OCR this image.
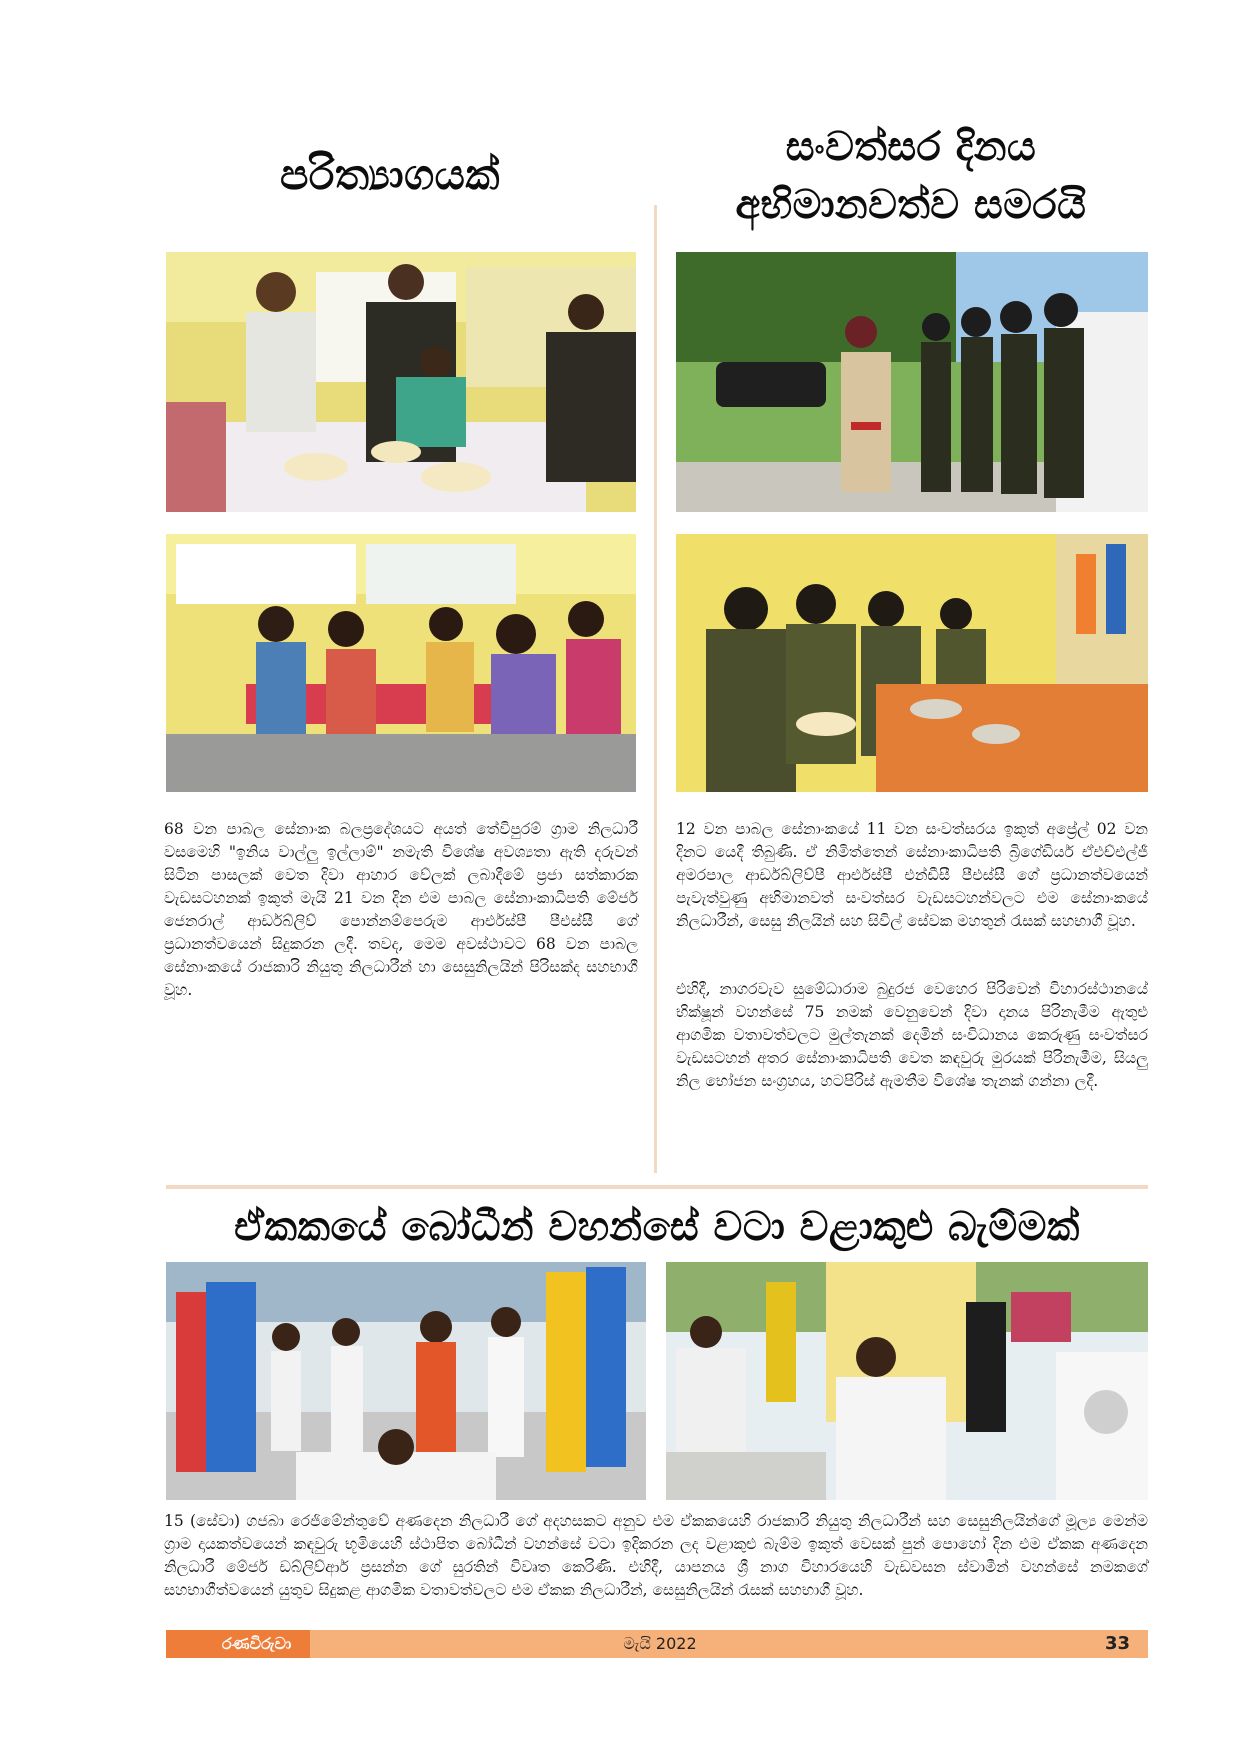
පරිත්‍යාගයක්
68 වන පාබල සේනාංක බලප්‍රදේශයට අයත් තේවිපුරම් ග්‍රාම නිලධාරී වසමෙහි "ඉනිය වාල්ලු ඉල්ලාම්" නමැති විශේෂ අවශ්‍යතා ඇති දරුවන් සිටින පාසලක් වෙත දිවා ආහාර වේලක් ලබාදීමේ ප්‍රජා සත්කාරක වැඩසටහනක් ඉකුත් මැයි 21 වන දින එම පාබල සේනාංකාධිපති මේජර් ජෙනරාල් ආර්ඩබ්ලිව් පොන්නම්පෙරුම ආර්එස්පී පීඑස්සී ගේ ප්‍රධානත්වයෙන් සිදුකරන ලදී. තවද, මෙම අවස්ථාවට 68 වන පාබල සේනාංකයේ රාජකාරි නියුතු නිලධාරීන් හා සෙසුනිලයින් පිරිසක්ද සහභාගී වූහ.
සංවත්සර දිනය
අභිමානවත්ව සමරයි
12 වන පාබල සේනාංකයේ 11 වන සංවත්සරය ඉකුත් අප්‍රේල් 02 වන දිනට යෙදී තිබුණි. ඒ නිමිත්තෙන් සේනාංකාධිපති බ්‍රිගේඩියර් ඒඑච්එල්ජී අමරපාල ආර්ඩබ්ලිව්පී ආර්එස්පී එන්ඩීසී පීඑස්සී ගේ ප්‍රධානත්වයෙන් පැවැත්වුණු අභිමානවත් සංවත්සර වැඩසටහන්වලට එම සේනාංකයේ නිලධාරීන්, සෙසු නිලයින් සහ සිවිල් සේවක මහතුන් රැසක් සහභාගී වූහ.
එහිදී, නාගරවැව සුමේධාරාම බුදුරජ වෙහෙර පිරිවෙන් විහාරස්ථානයේ භික්ෂූන් වහන්සේ 75 නමක් වෙනුවෙන් දිවා දානය පිරිනැමීම ඇතුළු ආගමික වතාවත්වලට මුල්තැනක් දෙමින් සංවිධානය කෙරුණු සංවත්සර වැඩසටහන් අතර සේනාංකාධිපති වෙත කඳවුරු මුරයක් පිරිනැමීම, සියලු නිල භෝජන සංග්‍රහය, හටපිරිස් ඇමතීම විශේෂ තැනක් ගන්නා ලදී.
ඒකකයේ බෝධීන් වහන්සේ වටා වළාකුළු බැම්මක්
15 (සේවා) ගජබා රෙජිමේන්තුවේ අණදෙන නිලධාරී ගේ අදහසකට අනුව එම ඒකකයෙහි රාජකාරි නියුතු නිලධාරීන් සහ සෙසුනිලයින්ගේ මූල්‍ය මෙන්ම ග්‍රාම දායකත්වයෙන් කඳවුරු භූමියෙහි ස්ථාපිත බෝධීන් වහන්සේ වටා ඉදිකරන ලද වළාකුළු බැම්ම ඉකුත් වෙසක් පුන් පොහෝ දින එම ඒකක අණදෙන නිලධාරී මේජර් ඩබ්ලිව්ආර් ප්‍රසන්න ගේ සුරතින් විවෘත කෙරිණි. එහිදී, යාපනය ශ්‍රී නාග විහාරයෙහි වැඩවසන ස්වාමීන් වහන්සේ නමකගේ සහභාගීත්වයෙන් යුතුව සිදුකළ ආගමික වතාවත්වලට එම ඒකක නිලධාරීන්, සෙසුනිලයින් රැසක් සහභාගී වූහ.
රණවිරුවා	මැයි 2022	33
